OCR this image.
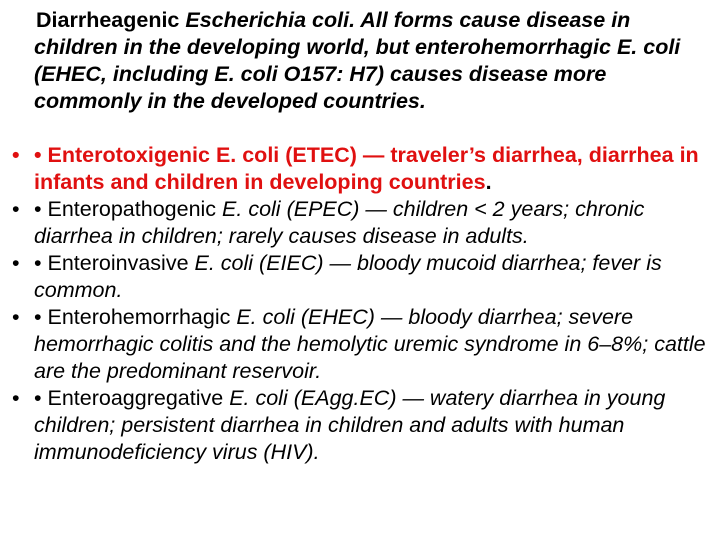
Diarrheagenic Escherichia coli. All forms cause disease in children in the developing world, but enterohemorrhagic E. coli (EHEC, including E. coli O157: H7) causes disease more commonly in the developed countries.

• • Enterotoxigenic E. coli (ETEC) — traveler’s diarrhea, diarrhea in infants and children in developing countries.
• • Enteropathogenic E. coli (EPEC) — children < 2 years; chronic diarrhea in children; rarely causes disease in adults.
• • Enteroinvasive E. coli (EIEC) — bloody mucoid diarrhea; fever is common.
• • Enterohemorrhagic E. coli (EHEC) — bloody diarrhea; severe hemorrhagic colitis and the hemolytic uremic syndrome in 6–8%; cattle are the predominant reservoir.
• • Enteroaggregative E. coli (EAgg.EC) — watery diarrhea in young children; persistent diarrhea in children and adults with human immunodeficiency virus (HIV).
